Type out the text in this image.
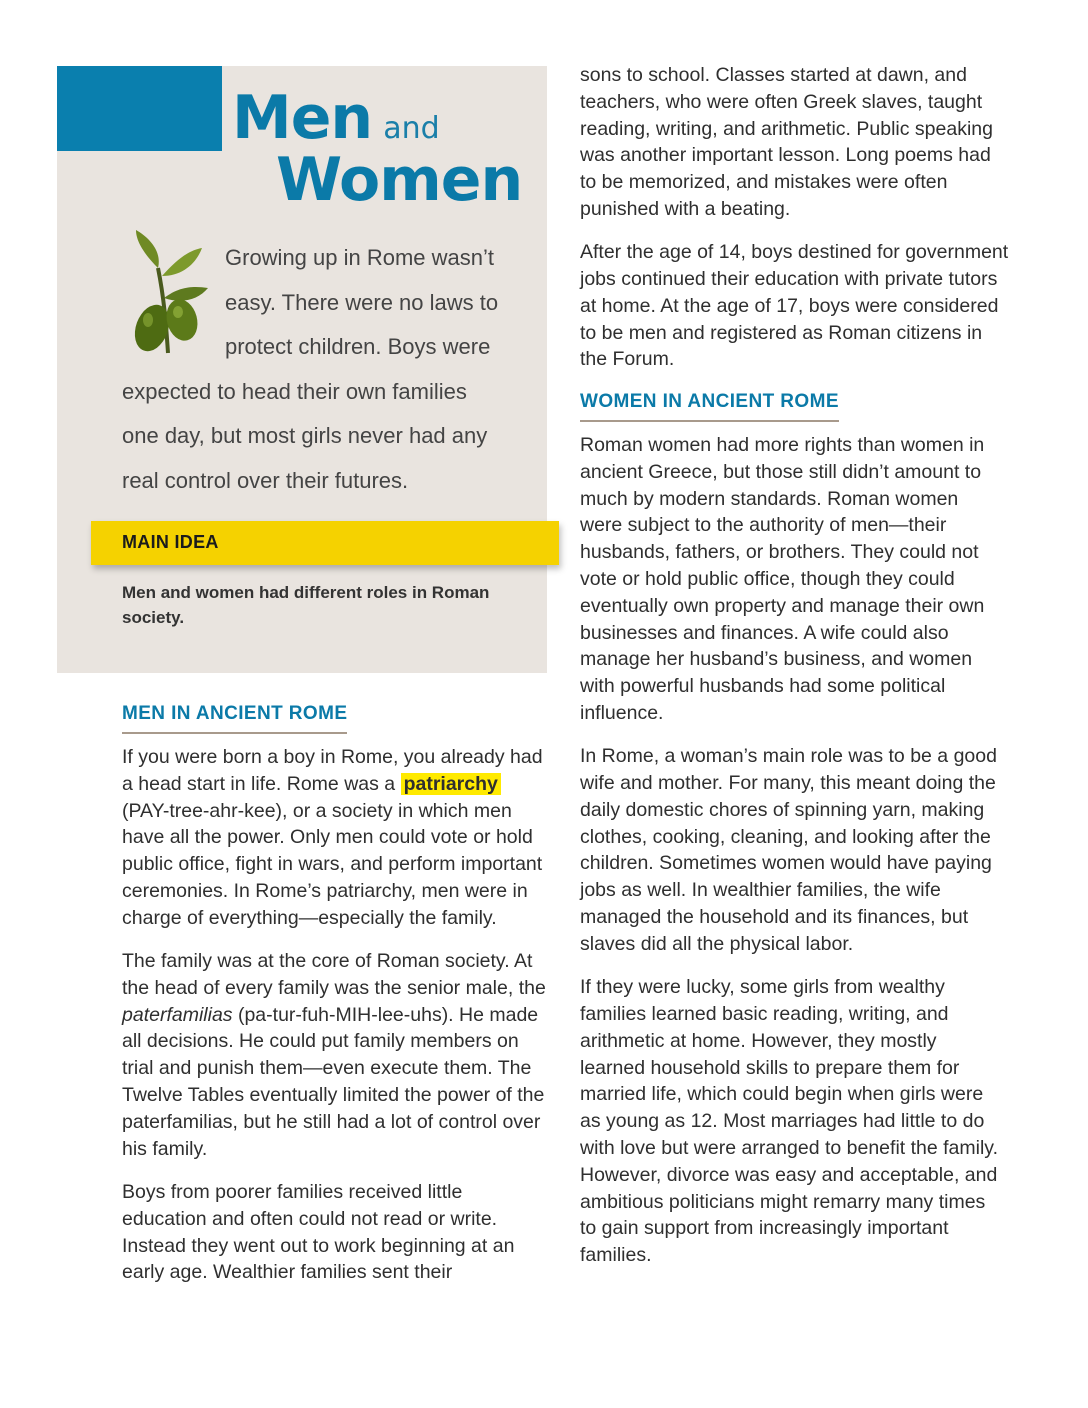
Men and
Women
Growing up in Rome wasn’t
easy. There were no laws to
protect children. Boys were
expected to head their own families
one day, but most girls never had any
real control over their futures.
MAIN IDEA
Men and women had different roles in Roman society.
MEN IN ANCIENT ROME

If you were born a boy in Rome, you already had a head start in life. Rome was a patriarchy (PAY-tree-ahr-kee), or a society in which men have all the power. Only men could vote or hold public office, fight in wars, and perform important ceremonies. In Rome’s patriarchy, men were in charge of everything—especially the family.

The family was at the core of Roman society. At the head of every family was the senior male, the paterfamilias (pa-tur-fuh-MIH-lee-uhs). He made all decisions. He could put family members on trial and punish them—even execute them. The Twelve Tables eventually limited the power of the paterfamilias, but he still had a lot of control over his family.

Boys from poorer families received little education and often could not read or write. Instead they went out to work beginning at an early age. Wealthier families sent their

sons to school. Classes started at dawn, and teachers, who were often Greek slaves, taught reading, writing, and arithmetic. Public speaking was another important lesson. Long poems had to be memorized, and mistakes were often punished with a beating.

After the age of 14, boys destined for government jobs continued their education with private tutors at home. At the age of 17, boys were considered to be men and registered as Roman citizens in the Forum.

WOMEN IN ANCIENT ROME

Roman women had more rights than women in ancient Greece, but those still didn’t amount to much by modern standards. Roman women were subject to the authority of men—their husbands, fathers, or brothers. They could not vote or hold public office, though they could eventually own property and manage their own businesses and finances. A wife could also manage her husband’s business, and women with powerful husbands had some political influence.

In Rome, a woman’s main role was to be a good wife and mother. For many, this meant doing the daily domestic chores of spinning yarn, making clothes, cooking, cleaning, and looking after the children. Sometimes women would have paying jobs as well. In wealthier families, the wife managed the household and its finances, but slaves did all the physical labor.

If they were lucky, some girls from wealthy families learned basic reading, writing, and arithmetic at home. However, they mostly learned household skills to prepare them for married life, which could begin when girls were as young as 12. Most marriages had little to do with love but were arranged to benefit the family. However, divorce was easy and acceptable, and ambitious politicians might remarry many times to gain support from increasingly important families.
